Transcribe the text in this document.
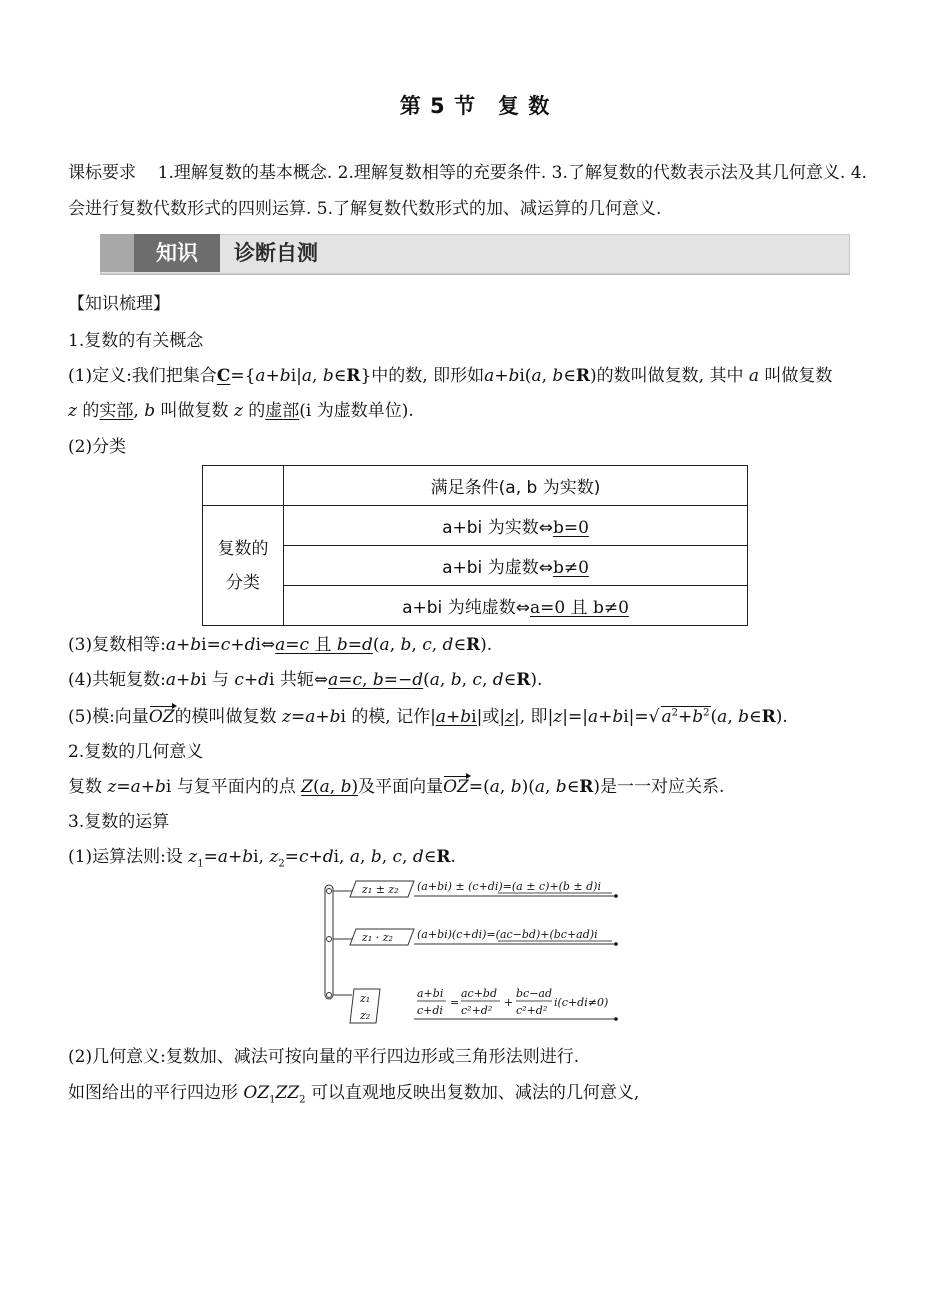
第 5 节　复 数
课标要求 1.理解复数的基本概念. 2.理解复数相等的充要条件. 3.了解复数的代数表示法及其几何意义. 4.会进行复数代数形式的四则运算. 5.了解复数代数形式的加、减运算的几何意义.
知识	诊断自测
【知识梳理】
1.复数的有关概念
(1)定义:我们把集合C={a+bi|a, b∈R}中的数, 即形如a+bi(a, b∈R)的数叫做复数, 其中 a 叫做复数
z 的实部, b 叫做复数 z 的虚部(i 为虚数单位).
(2)分类
	满足条件(a, b 为实数)
复数的
分类	a+bi 为实数⇔b=0
	a+bi 为虚数⇔b≠0
	a+bi 为纯虚数⇔a=0 且 b≠0
(3)复数相等:a+bi=c+di⇔a=c 且 b=d(a, b, c, d∈R).
(4)共轭复数:a+bi 与 c+di 共轭⇔a=c, b=−d(a, b, c, d∈R).
(5)模:向量OZ的模叫做复数 z=a+bi 的模, 记作|a+bi|或|z|, 即|z|=|a+bi|=√ $a^2+b^2(a$, b∈R).
2.复数的几何意义
复数 z=a+bi 与复平面内的点 Z(a, b)及平面向量OZ=(a, b)(a, b∈R)是一一对应关系.
3.复数的运算
(1)运算法则:设 $z_1=a+bi$, $z_2=c+di$, a, b, c, d∈R.
z₁ ± z₂
z₁ · z₂
z₁
z₂
(a+bi) ± (c+di)=(a ± c)+(b ± d)i
(a+bi)(c+di)=(ac−bd)+(bc+ad)i
a+bi
c+di
=
ac+bd
c²+d²
+
bc−ad
c²+d²
i(c+di≠0)
(2)几何意义:复数加、减法可按向量的平行四边形或三角形法则进行.
如图给出的平行四边形 $OZ_1ZZ_2$ 可以直观地反映出复数加、减法的几何意义,
